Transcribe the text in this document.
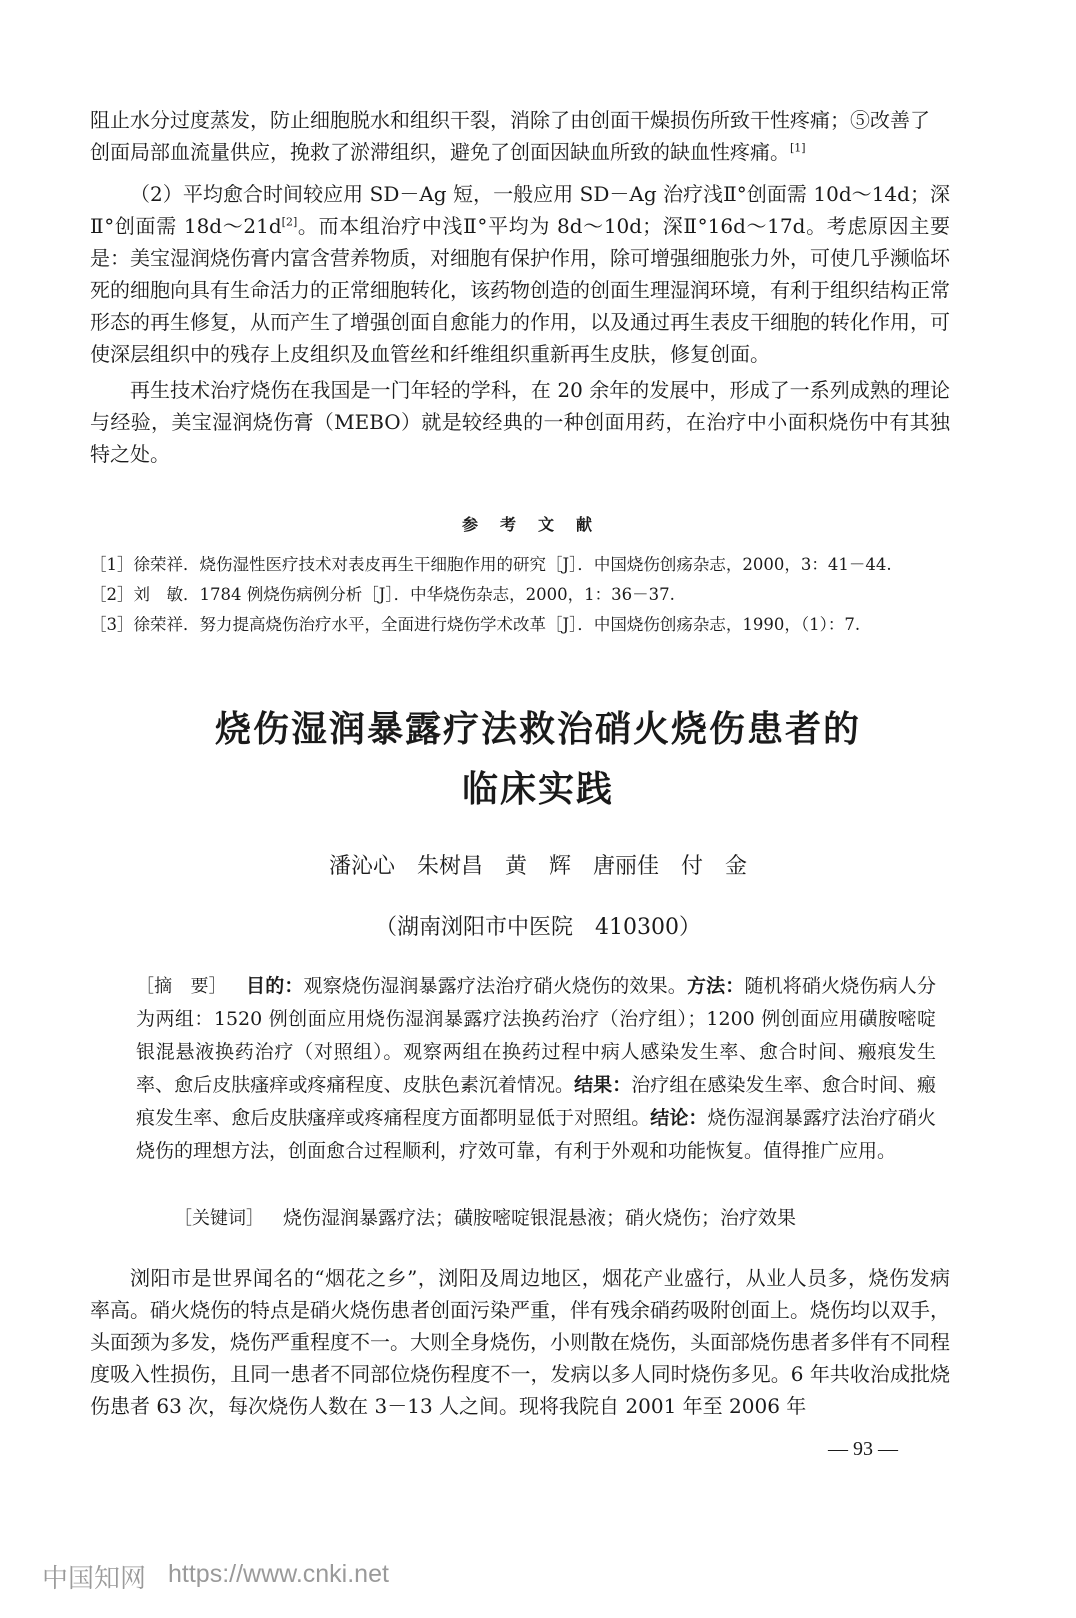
阻止水分过度蒸发，防止细胞脱水和组织干裂，消除了由创面干燥损伤所致干性疼痛；⑤改善了
创面局部血流量供应，挽救了淤滞组织，避免了创面因缺血所致的缺血性疼痛。[1]

（2）平均愈合时间较应用 SD－Ag 短，一般应用 SD－Ag 治疗浅Ⅱ°创面需 10d～14d；深Ⅱ°创面需 18d～21d[2]。而本组治疗中浅Ⅱ°平均为 8d～10d；深Ⅱ°16d～17d。考虑原因主要是：美宝湿润烧伤膏内富含营养物质，对细胞有保护作用，除可增强细胞张力外，可使几乎濒临坏死的细胞向具有生命活力的正常细胞转化，该药物创造的创面生理湿润环境，有利于组织结构正常形态的再生修复，从而产生了增强创面自愈能力的作用，以及通过再生表皮干细胞的转化作用，可使深层组织中的残存上皮组织及血管丝和纤维组织重新再生皮肤，修复创面。

再生技术治疗烧伤在我国是一门年轻的学科，在 20 余年的发展中，形成了一系列成熟的理论与经验，美宝湿润烧伤膏（MEBO）就是较经典的一种创面用药，在治疗中小面积烧伤中有其独特之处。

参考文献

［1］徐荣祥．烧伤湿性医疗技术对表皮再生干细胞作用的研究［J］．中国烧伤创疡杂志，2000，3：41－44.

［2］刘　敏．1784 例烧伤病例分析［J］．中华烧伤杂志，2000，1：36－37.

［3］徐荣祥．努力提高烧伤治疗水平，全面进行烧伤学术改革［J］．中国烧伤创疡杂志，1990，（1）：7.

烧伤湿润暴露疗法救治硝火烧伤患者的
临床实践

潘沁心　朱树昌　黄　辉　唐丽佳　付　金

（湖南浏阳市中医院　410300）

［摘　要］  目的：观察烧伤湿润暴露疗法治疗硝火烧伤的效果。方法：随机将硝火烧伤病人分为两组：1520 例创面应用烧伤湿润暴露疗法换药治疗（治疗组）；1200 例创面应用磺胺嘧啶银混悬液换药治疗（对照组）。观察两组在换药过程中病人感染发生率、愈合时间、瘢痕发生率、愈后皮肤瘙痒或疼痛程度、皮肤色素沉着情况。结果：治疗组在感染发生率、愈合时间、瘢痕发生率、愈后皮肤瘙痒或疼痛程度方面都明显低于对照组。结论：烧伤湿润暴露疗法治疗硝火烧伤的理想方法，创面愈合过程顺利，疗效可靠，有利于外观和功能恢复。值得推广应用。

［关键词］  烧伤湿润暴露疗法；磺胺嘧啶银混悬液；硝火烧伤；治疗效果

浏阳市是世界闻名的“烟花之乡”，浏阳及周边地区，烟花产业盛行，从业人员多，烧伤发病率高。硝火烧伤的特点是硝火烧伤患者创面污染严重，伴有残余硝药吸附创面上。烧伤均以双手，头面颈为多发，烧伤严重程度不一。大则全身烧伤，小则散在烧伤，头面部烧伤患者多伴有不同程度吸入性损伤，且同一患者不同部位烧伤程度不一，发病以多人同时烧伤多见。6 年共收治成批烧伤患者 63 次，每次烧伤人数在 3－13 人之间。现将我院自 2001 年至 2006 年

— 93 —

中国知网 https://www.cnki.net
